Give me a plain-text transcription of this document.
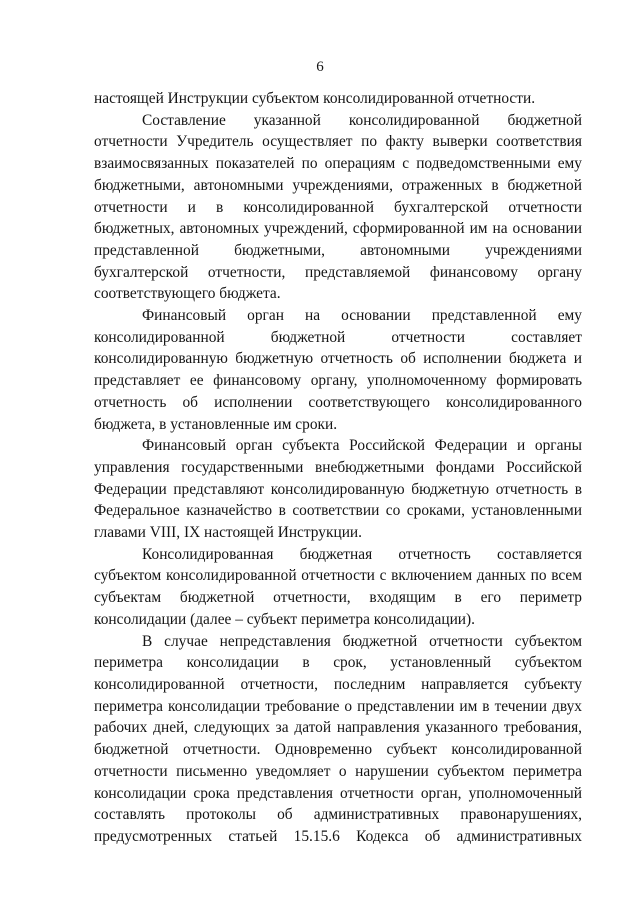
6

настоящей Инструкции субъектом консолидированной отчетности.

Составление указанной консолидированной бюджетной отчетности Учредитель осуществляет по факту выверки соответствия взаимосвязанных показателей по операциям с подведомственными ему бюджетными, автономными учреждениями, отраженных в бюджетной отчетности и в консолидированной бухгалтерской отчетности бюджетных, автономных учреждений, сформированной им на основании представленной бюджетными, автономными учреждениями бухгалтерской отчетности, представляемой финансовому органу соответствующего бюджета.

Финансовый орган на основании представленной ему консолидированной бюджетной отчетности составляет консолидированную бюджетную отчетность об исполнении бюджета и представляет ее финансовому органу, уполномоченному формировать отчетность об исполнении соответствующего консолидированного бюджета, в установленные им сроки.

Финансовый орган субъекта Российской Федерации и органы управления государственными внебюджетными фондами Российской Федерации представляют консолидированную бюджетную отчетность в Федеральное казначейство в соответствии со сроками, установленными главами VIII, IX настоящей Инструкции.

Консолидированная бюджетная отчетность составляется субъектом консолидированной отчетности с включением данных по всем субъектам бюджетной отчетности, входящим в его периметр консолидации (далее – субъект периметра консолидации).

В случае непредставления бюджетной отчетности субъектом периметра консолидации в срок, установленный субъектом консолидированной отчетности, последним направляется субъекту периметра консолидации требование о представлении им в течении двух рабочих дней, следующих за датой направления указанного требования, бюджетной отчетности. Одновременно субъект консолидированной отчетности письменно уведомляет о нарушении субъектом периметра консолидации срока представления отчетности орган, уполномоченный составлять протоколы об административных правонарушениях, предусмотренных статьей 15.15.6 Кодекса об административных
